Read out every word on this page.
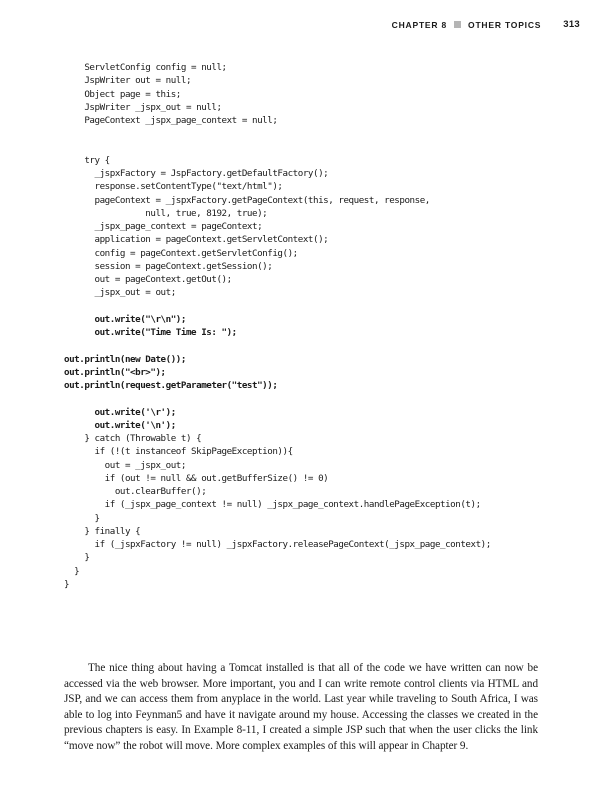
CHAPTER 8 OTHER TOPICS 313
ServletConfig config = null;
JspWriter out = null;
Object page = this;
JspWriter _jspx_out = null;
PageContext _jspx_page_context = null;
try {
_jspxFactory = JspFactory.getDefaultFactory();
response.setContentType("text/html");
pageContext = _jspxFactory.getPageContext(this, request, response,
null, true, 8192, true);
_jspx_page_context = pageContext;
application = pageContext.getServletContext();
config = pageContext.getServletConfig();
session = pageContext.getSession();
out = pageContext.getOut();
_jspx_out = out;
out.write("\r\n");
out.write("Time Time Is: ");
out.println(new Date());
out.println("<br>");
out.println(request.getParameter("test"));
out.write('\r');
out.write('\n');
} catch (Throwable t) {
if (!(t instanceof SkipPageException)){
out = _jspx_out;
if (out != null && out.getBufferSize() != 0)
out.clearBuffer();
if (_jspx_page_context != null) _jspx_page_context.handlePageException(t);
}
} finally {
if (_jspxFactory != null) _jspxFactory.releasePageContext(_jspx_page_context);
}
}
}

The nice thing about having a Tomcat installed is that all of the code we have written can now be accessed via the web browser. More important, you and I can write remote control clients via HTML and JSP, and we can access them from anyplace in the world. Last year while traveling to South Africa, I was able to log into Feynman5 and have it navigate around my house. Accessing the classes we created in the previous chapters is easy. In Example 8-11, I created a simple JSP such that when the user clicks the link “move now” the robot will move. More complex examples of this will appear in Chapter 9.
